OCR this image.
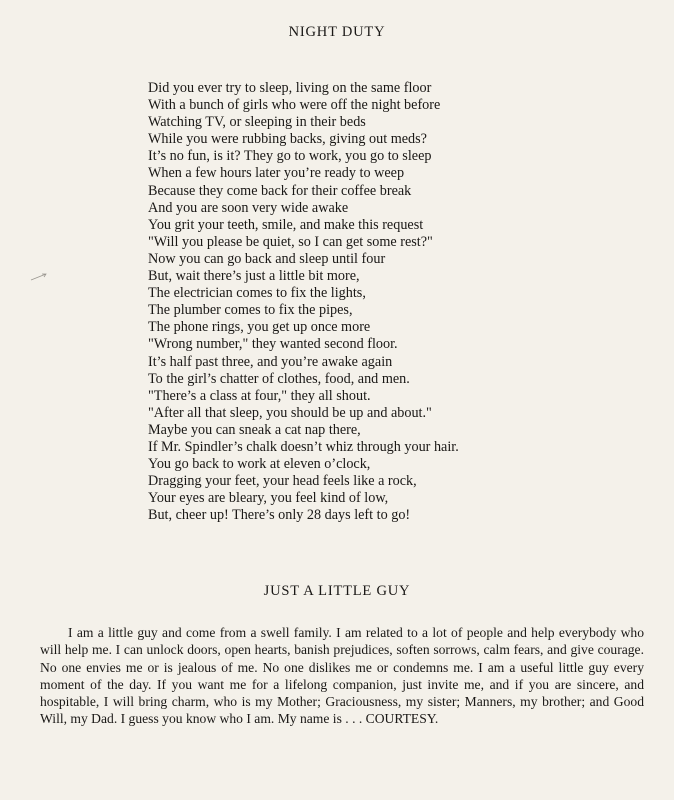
NIGHT DUTY
Did you ever try to sleep, living on the same floor
With a bunch of girls who were off the night before
Watching TV, or sleeping in their beds
While you were rubbing backs, giving out meds?
It’s no fun, is it? They go to work, you go to sleep
When a few hours later you’re ready to weep
Because they come back for their coffee break
And you are soon very wide awake
You grit your teeth, smile, and make this request
"Will you please be quiet, so I can get some rest?"
Now you can go back and sleep until four
But, wait there’s just a little bit more,
The electrician comes to fix the lights,
The plumber comes to fix the pipes,
The phone rings, you get up once more
"Wrong number," they wanted second floor.
It’s half past three, and you’re awake again
To the girl’s chatter of clothes, food, and men.
"There’s a class at four," they all shout.
"After all that sleep, you should be up and about."
Maybe you can sneak a cat nap there,
If Mr. Spindler’s chalk doesn’t whiz through your hair.
You go back to work at eleven o’clock,
Dragging your feet, your head feels like a rock,
Your eyes are bleary, you feel kind of low,
But, cheer up! There’s only 28 days left to go!
JUST A LITTLE GUY

I am a little guy and come from a swell family. I am related to a lot of people and help everybody who will help me. I can unlock doors, open hearts, banish prejudices, soften sorrows, calm fears, and give courage. No one envies me or is jealous of me. No one dislikes me or condemns me. I am a useful little guy every moment of the day. If you want me for a lifelong companion, just invite me, and if you are sincere, and hospitable, I will bring charm, who is my Mother; Graciousness, my sister; Manners, my brother; and Good Will, my Dad. I guess you know who I am. My name is . . . COURTESY.
